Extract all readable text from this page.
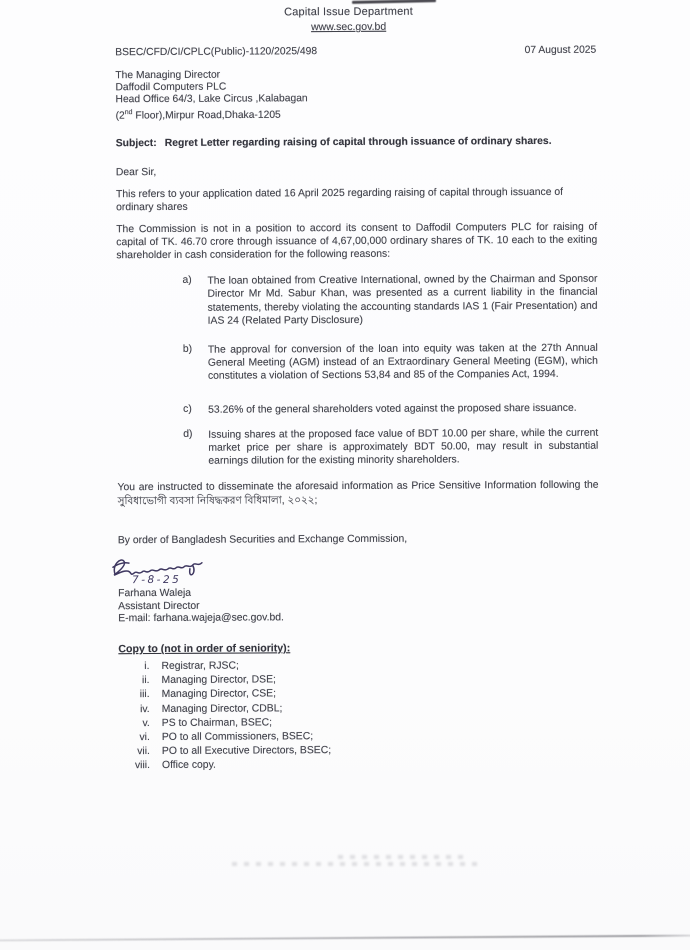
Capital Issue Department
www.sec.gov.bd
BSEC/CFD/CI/CPLC(Public)-1120/2025/498	07 August 2025
The Managing Director
Daffodil Computers PLC
Head Office 64/3, Lake Circus ,Kalabagan
(2nd Floor),Mirpur Road,Dhaka-1205
Subject: Regret Letter regarding raising of capital through issuance of ordinary shares.
Dear Sir,
This refers to your application dated 16 April 2025 regarding raising of capital through issuance of ordinary shares
The Commission is not in a position to accord its consent to Daffodil Computers PLC for raising of capital of TK. 46.70 crore through issuance of 4,67,00,000 ordinary shares of TK. 10 each to the exiting shareholder in cash consideration for the following reasons:
a)	The loan obtained from Creative International, owned by the Chairman and Sponsor Director Mr Md. Sabur Khan, was presented as a current liability in the financial statements, thereby violating the accounting standards IAS 1 (Fair Presentation) and IAS 24 (Related Party Disclosure)
b)	The approval for conversion of the loan into equity was taken at the 27th Annual General Meeting (AGM) instead of an Extraordinary General Meeting (EGM), which constitutes a violation of Sections 53,84 and 85 of the Companies Act, 1994.
c)	53.26% of the general shareholders voted against the proposed share issuance.
d)	Issuing shares at the proposed face value of BDT 10.00 per share, while the current market price per share is approximately BDT 50.00, may result in substantial earnings dilution for the existing minority shareholders.
You are instructed to disseminate the aforesaid information as Price Sensitive Information following the সুবিধাভোগী ব্যবসা নিষিদ্ধকরণ বিধিমালা, ২০২২;
By order of Bangladesh Securities and Exchange Commission,
7-8-25
Farhana Waleja
Assistant Director
E-mail: farhana.wajeja@sec.gov.bd.
Copy to (not in order of seniority):
i. Registrar, RJSC;
ii. Managing Director, DSE;
iii. Managing Director, CSE;
iv. Managing Director, CDBL;
v. PS to Chairman, BSEC;
vi. PO to all Commissioners, BSEC;
vii. PO to all Executive Directors, BSEC;
viii. Office copy.
